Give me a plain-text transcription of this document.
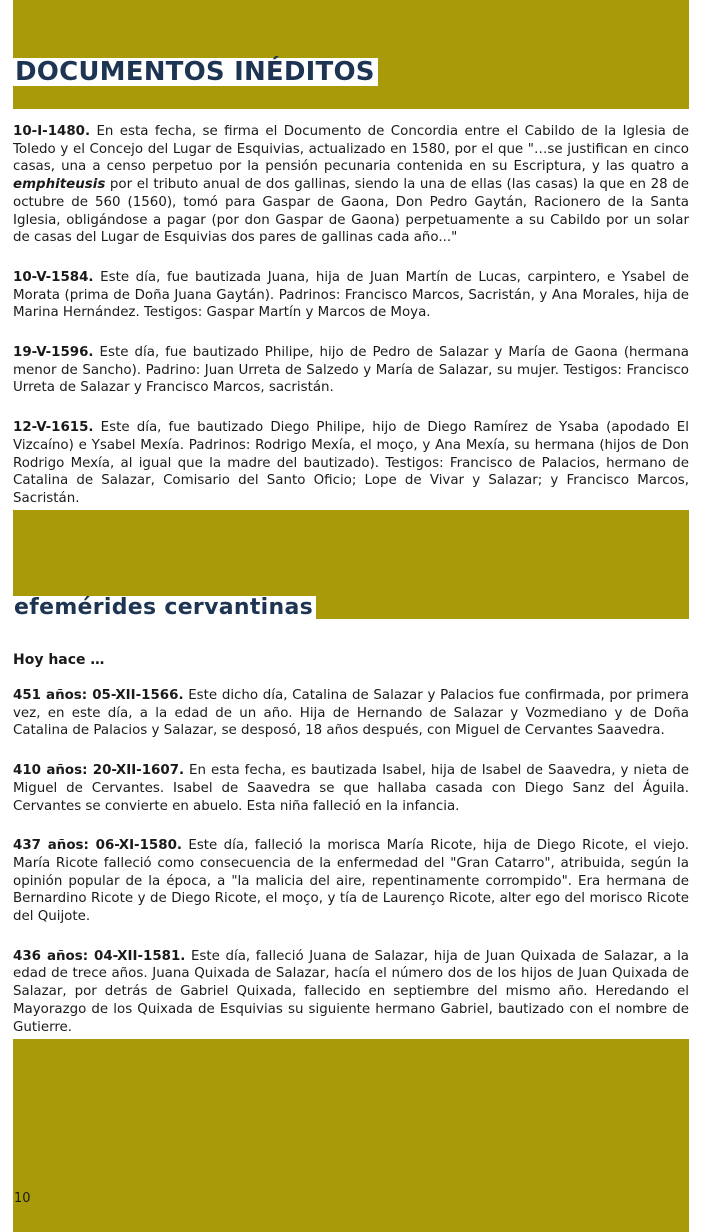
DOCUMENTOS INÉDITOS

10-I-1480. En esta fecha, se firma el Documento de Concordia entre el Cabildo de la Iglesia de Toledo y el Concejo del Lugar de Esquivias, actualizado en 1580, por el que "…se justifican en cinco casas, una a censo perpetuo por la pensión pecunaria contenida en su Escriptura, y las quatro a emphiteusis por el tributo anual de dos gallinas, siendo la una de ellas (las casas) la que en 28 de octubre de 560 (1560), tomó para Gaspar de Gaona, Don Pedro Gaytán, Racionero de la Santa Iglesia, obligándose a pagar (por don Gaspar de Gaona) perpetuamente a su Cabildo por un solar de casas del Lugar de Esquivias dos pares de gallinas cada año..."

10-V-1584. Este día, fue bautizada Juana, hija de Juan Martín de Lucas, carpintero, e Ysabel de Morata (prima de Doña Juana Gaytán). Padrinos: Francisco Marcos, Sacristán, y Ana Morales, hija de Marina Hernández. Testigos: Gaspar Martín y Marcos de Moya.

19-V-1596. Este día, fue bautizado Philipe, hijo de Pedro de Salazar y María de Gaona (hermana menor de Sancho). Padrino: Juan Urreta de Salzedo y María de Salazar, su mujer. Testigos: Francisco Urreta de Salazar y Francisco Marcos, sacristán.

12-V-1615. Este día, fue bautizado Diego Philipe, hijo de Diego Ramírez de Ysaba (apodado El Vizcaíno) e Ysabel Mexía. Padrinos: Rodrigo Mexía, el moço, y Ana Mexía, su hermana (hijos de Don Rodrigo Mexía, al igual que la madre del bautizado). Testigos: Francisco de Palacios, hermano de Catalina de Salazar, Comisario del Santo Oficio; Lope de Vivar y Salazar; y Francisco Marcos, Sacristán.

efemérides cervantinas

Hoy hace …

451 años: 05-XII-1566. Este dicho día, Catalina de Salazar y Palacios fue confirmada, por primera vez, en este día, a la edad de un año. Hija de Hernando de Salazar y Vozmediano y de Doña Catalina de Palacios y Salazar, se desposó, 18 años después, con Miguel de Cervantes Saavedra.

410 años: 20-XII-1607. En esta fecha, es bautizada Isabel, hija de Isabel de Saavedra, y nieta de Miguel de Cervantes. Isabel de Saavedra se que hallaba casada con Diego Sanz del Águila. Cervantes se convierte en abuelo. Esta niña falleció en la infancia.

437 años: 06-XI-1580. Este día, falleció la morisca María Ricote, hija de Diego Ricote, el viejo. María Ricote falleció como consecuencia de la enfermedad del "Gran Catarro", atribuida, según la opinión popular de la época, a "la malicia del aire, repentinamente corrompido". Era hermana de Bernardino Ricote y de Diego Ricote, el moço, y tía de Laurenço Ricote, alter ego del morisco Ricote del Quijote.

436 años: 04-XII-1581. Este día, falleció Juana de Salazar, hija de Juan Quixada de Salazar, a la edad de trece años. Juana Quixada de Salazar, hacía el número dos de los hijos de Juan Quixada de Salazar, por detrás de Gabriel Quixada, fallecido en septiembre del mismo año. Heredando el Mayorazgo de los Quixada de Esquivias su siguiente hermano Gabriel, bautizado con el nombre de Gutierre.

10
